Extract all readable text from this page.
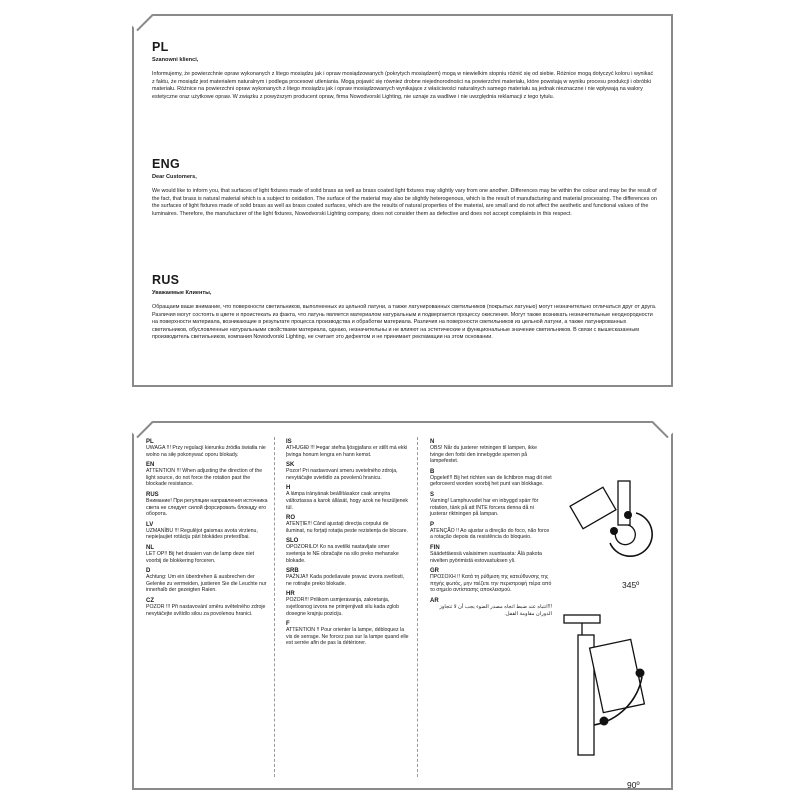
PL

Szanowni klienci,

Informujemy, że powierzchnie opraw wykonanych z litego mosiądzu jak i opraw mosiądzowanych (pokrytych mosiądzem) mogą w niewielkim stopniu różnić się od siebie. Różnice mogą dotyczyć koloru i wynikać z faktu, że mosiądz jest materiałem naturalnym i podlega procesowi utleniania. Mogą pojawić się również drobne niejednorodności na powierzchni materiału, które powstają w wyniku procesu produkcji i obróbki materiału. Różnice na powierzchni opraw wykonanych z litego mosiądzu jak i opraw mosiądzowanych wynikające z właściwości naturalnych samego materiału są jednak nieznaczne i nie wpływają na walory estetyczne oraz użytkowe opraw. W związku z powyższym producent opraw, firma Nowodvorski Lighting, nie uznaje za wadliwe i nie uwzględnia reklamacji z tego tytułu.

ENG

Dear Customers,

We would like to inform you, that surfaces of light fixtures made of solid brass as well as brass coated light fixtures may slightly vary from one another. Differences may be within the colour and may be the result of the fact, that brass is natural material which is a subject to oxidation. The surface of the material may also be slightly heterogenous, which is the result of manufacturing and material processing. The differences on the surfaces of light fixtures made of solid brass as well as brass coated surfaces, which are the results of natural properties of the material, are small and do not affect the aesthetic and functional values of the luminaires. Therefore, the manufacturer of the light fixtures, Nowodvorski Lighting company, does not consider them as defective and does not accept complaints in this respect.

RUS

Уважаемые Клиенты,

Обращаем ваше внимание, что поверхности светильников, выполненных из цельной латуни, а также латунированных светильников (покрытых латунью) могут незначительно отличаться друг от друга. Различия могут состоять в цвете и проистекать из факта, что латунь является материалом натуральным и подвергается процессу окисления. Могут также возникать незначительные неоднородности на поверхности материала, возникающие в результате процесса производства и обработки материала. Различия на поверхности светильников из цельной латуни, а также латунированных светильников, обусловленные натуральными свойствами материала, однако, незначительны и не влияют на эстетические и функциональные значение светильников. В связи с вышесказанным производитель светильников, компания Nowodvorski Lighting, не считает это дефектом и не принимает рекламации на этом основании.

PL

UWAGA !!! Przy regulacji kierunku źródła światła nie wolno na siłę pokonywać oporu blokady.

EN

ATTENTION !!! When adjusting the direction of the light source, do not force the rotation past the blockade resistance.

RUS

Внимание! При регуляции направления источника света не следует силой форсировать блокаду его оборота.

LV

UZMANĪBU !!! Regulējot gaismas avota virzienu, nepieļaujiet rotāciju pāri blokādes pretestībai.

NL

LET OP!! Bij het draaien van de lamp deze niet voorbij de blokkering forceren.

D

Achtung: Um ein überdrehen & ausbrechen der Gelenke zu vermeiden, justieren Sie die Leuchte nur innerhalb der gezeigten Raien.

CZ

POZOR !!! Při nastavování směru světelného zdroje nevytáčejte svítidlo silou za povolenou hranici.

IS

ATHUGIÐ !!! Þegar stefna ljósgjafans er stillt má ekki þvinga honum lengra en hann kemst.

SK

Pozor! Pri nastavovaní smeru svetelného zdroja, nevytáčajte svietidlo za povolenú hranicu.

H

A lámpa irányának beállításakor csak annyira változtassa a karok állását, hogy azok ne feszüljenek túl.

RO

ATENȚIE!!! Când ajustați direcția corpului de iluminat, nu forțați rotația peste rezistența de blocare.

SLO

OPOZORILO! Ko na svetilki nastavljate smer svetenja te NE obračajte na silo preko mehanske blokade.

SRB

PAŽNJA!! Kada podešavate pravac izvora svetlosti, ne rotirajte preko blokade.

HR

POZOR!!! Prilikom usmjeravanja, zakretanja, svjetlosnog izvora ne primjenjivati silu kada zglob dosegne krajnju poziciju.

F

ATTENTION !! Pour orienter la lampe, débloquez la vis de serrage. Ne forcez pas sur la lampe quand elle est serrée afin de pas la détériorer.

N

OBS! Når du justerer retningen til lampen, ikke tvinge den forbi den innebygde sperren på lampefestet.

B

Opgelet!!! Bij het richten van de lichtbron mag dit niet geforceerd worden voorbij het punt van blokkage.

S

Varning! Lamphuvudet har en inbyggd spärr för rotation, tänk på att INTE forcera denna då ni justerar riktningen på lampan.

P

ATENÇÃO !! Ao ajustar a direção do foco, não force a rotação depois da resistência do bloqueio.

FIN

Säädettäessä valaisimen suuntausta: Älä pakota nivelten pyörimistä estovastuksen yli.

GR

ΠΡΟΣΟΧΗ !! Κατά τη ρύθμιση της κατεύθυνσης της πηγής φωτός, μην πιέζετε την περιστροφή πέρα από το σημείο αντίστασης αποκλεισμού.

AR

!!!انتباه عند ضبط اتجاه مصدر الضوء يجب أن لا تتجاوز الدوران مقاومة القفل.

345º
90º
